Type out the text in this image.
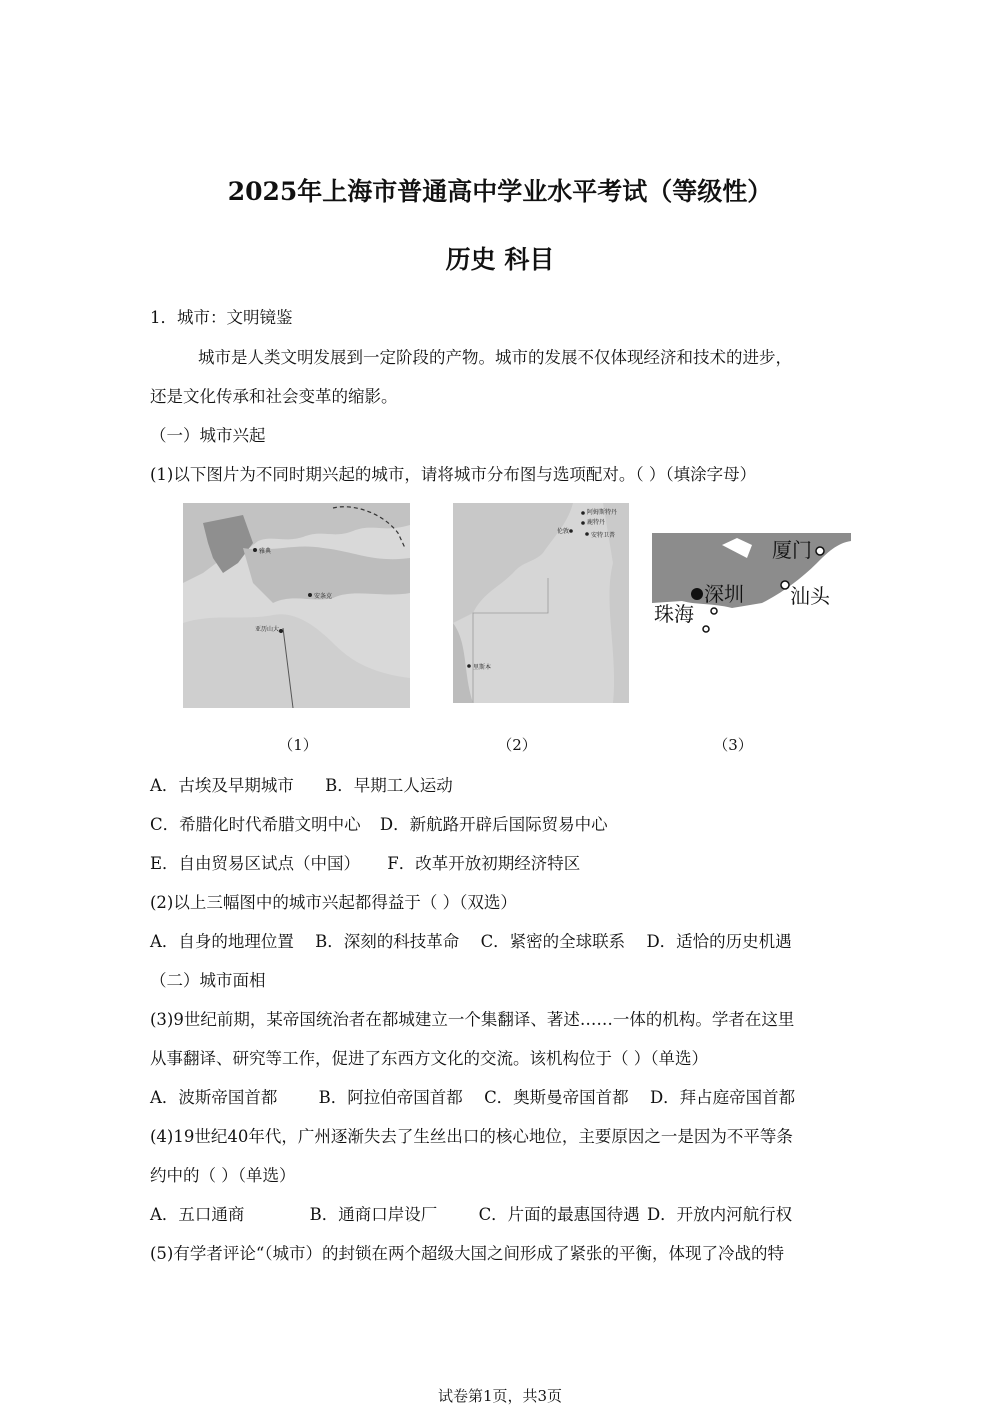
2025年上海市普通高中学业水平考试（等级性）
历史 科目
1．城市：文明镜鉴
城市是人类文明发展到一定阶段的产物。城市的发展不仅体现经济和技术的进步，
还是文化传承和社会变革的缩影。
（一）城市兴起
(1)以下图片为不同时期兴起的城市，请将城市分布图与选项配对。（ ）（填涂字母）
雅典
安条克
亚历山大
阿姆斯特丹
鹿特丹
伦敦
安特卫普
里斯本
厦门
深圳 汕头
珠海
（1）	（2）	（3）
A．古埃及早期城市 B．早期工人运动
C．希腊化时代希腊文明中心 D．新航路开辟后国际贸易中心
E．自由贸易区试点（中国） F．改革开放初期经济特区
(2)以上三幅图中的城市兴起都得益于（ ）（双选）
A．自身的地理位置 B．深刻的科技革命 C．紧密的全球联系 D．适恰的历史机遇
（二）城市面相
(3)9世纪前期，某帝国统治者在都城建立一个集翻译、著述……一体的机构。学者在这里
从事翻译、研究等工作，促进了东西方文化的交流。该机构位于（ ）（单选）
A．波斯帝国首都	B．阿拉伯帝国首都 C．奥斯曼帝国首都 D．拜占庭帝国首都
(4)19世纪40年代，广州逐渐失去了生丝出口的核心地位，主要原因之一是因为不平等条
约中的（ ）（单选）
A．五口通商	B．通商口岸设厂	C．片面的最惠国待遇 D．开放内河航行权
(5)有学者评论“（城市）的封锁在两个超级大国之间形成了紧张的平衡，体现了冷战的特
试卷第1页，共3页
